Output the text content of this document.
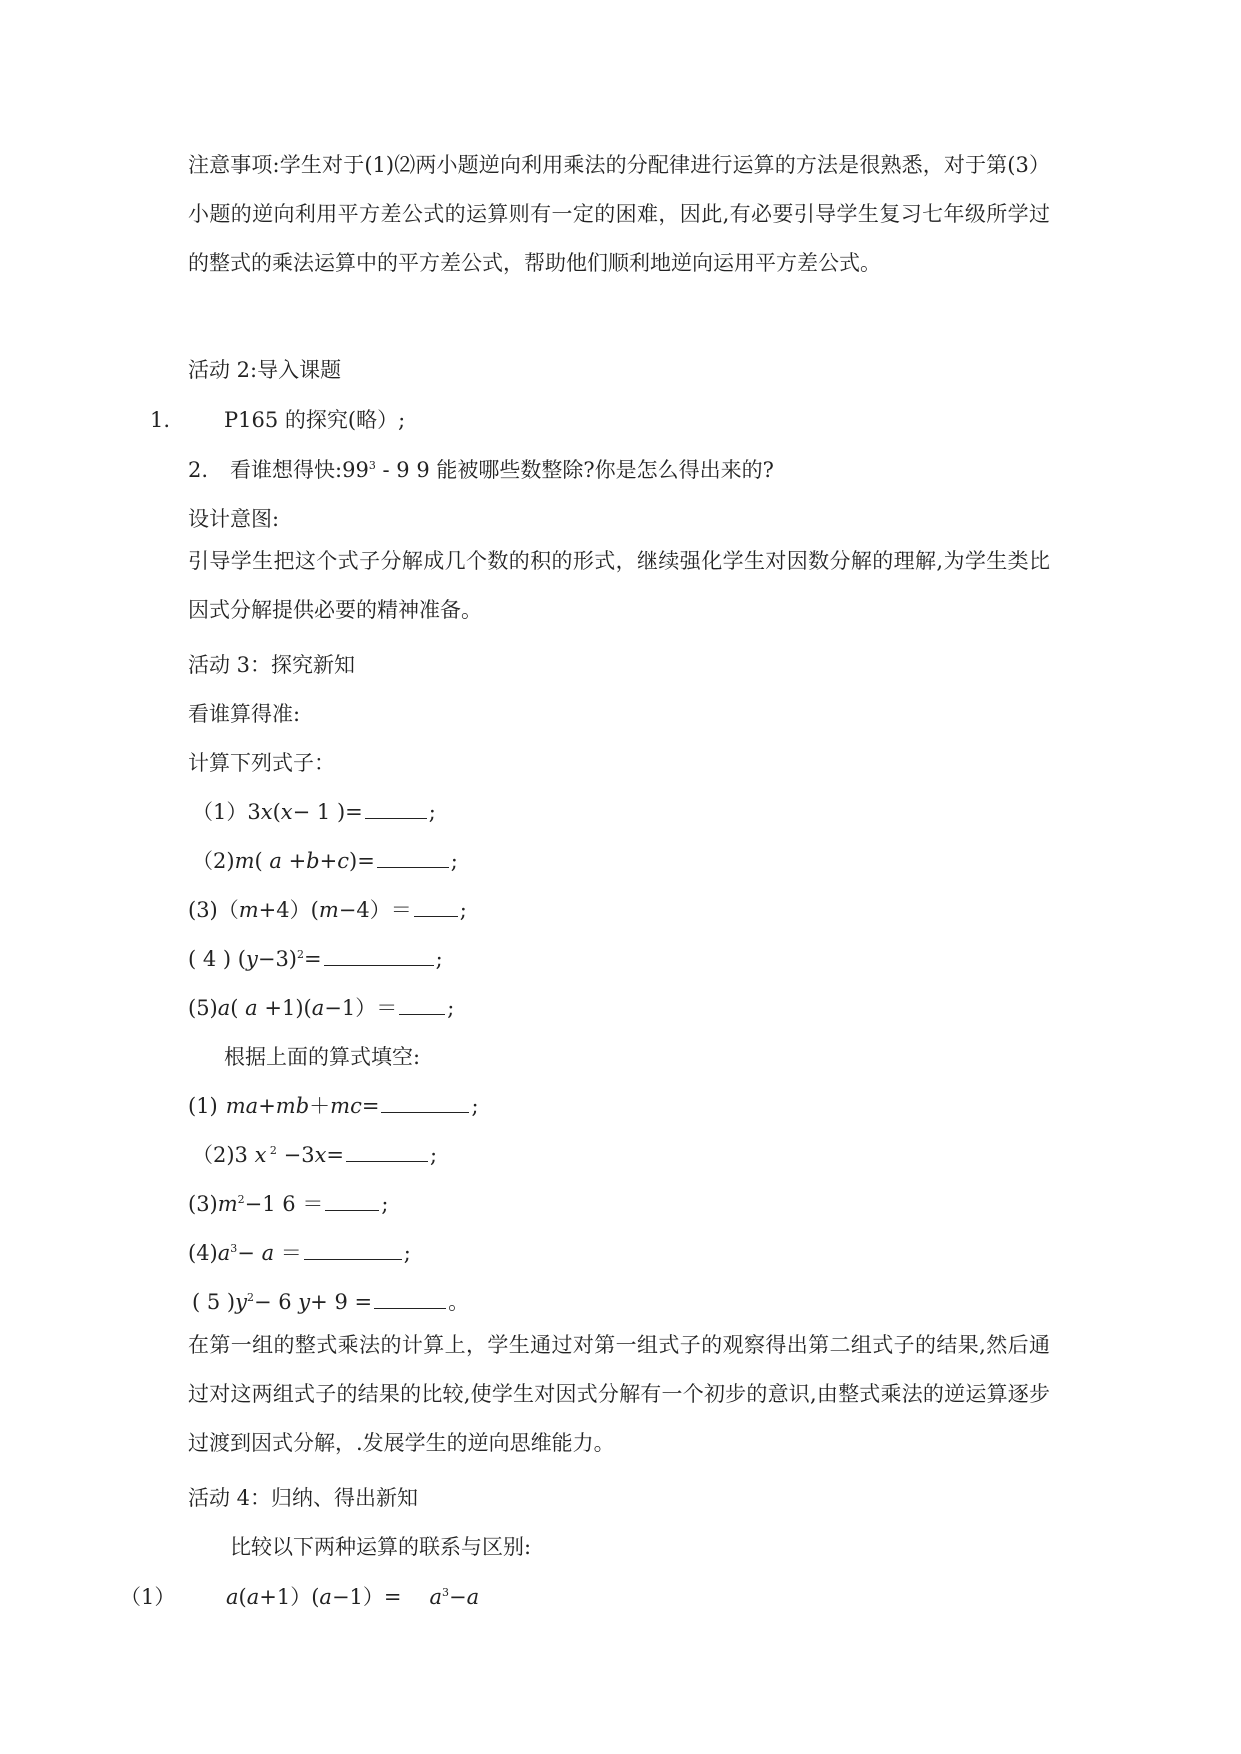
注意事项:学生对于(1)⑵两小题逆向利用乘法的分配律进行运算的方法是很熟悉，对于第(3）小题的逆向利用平方差公式的运算则有一定的困难，因此,有必要引导学生复习七年级所学过的整式的乘法运算中的平方差公式，帮助他们顺利地逆向运用平方差公式。
活动 2:导入课题
1.	P165 的探究(略）;
2. 看谁想得快$:99^3 - 9$ 9 能被哪些数整除?你是怎么得出来的?
设计意图:
引导学生把这个式子分解成几个数的积的形式，继续强化学生对因数分解的理解,为学生类比因式分解提供必要的精神准备。
活动 3：探究新知
看谁算得准:
计算下列式子：
（1）3x(x− 1 )=	;
（2)m( a +b+c)=	;
(3)（m+4）(m−4）＝ ;
( 4 ) $(y-3)^2=$	;
(5)a( a +1)(a−1）＝ ;
根据上面的算式填空:
(1) ma+mb＋mc=	;
（2)3 x $^2$ −3x=	;
$(3)m^2-1$ 6 ＝	;
$(4)a^3- a$ ＝	;
( 5 )$y^2- 6$ y+ 9 =	。
在第一组的整式乘法的计算上，学生通过对第一组式子的观察得出第二组式子的结果,然后通过对这两组式子的结果的比较,使学生对因式分解有一个初步的意识,由整式乘法的逆运算逐步过渡到因式分解，.发展学生的逆向思维能力。
活动 4：归纳、得出新知
比较以下两种运算的联系与区别:
（1） $a(a+1)(a-1)= a^3-a$
